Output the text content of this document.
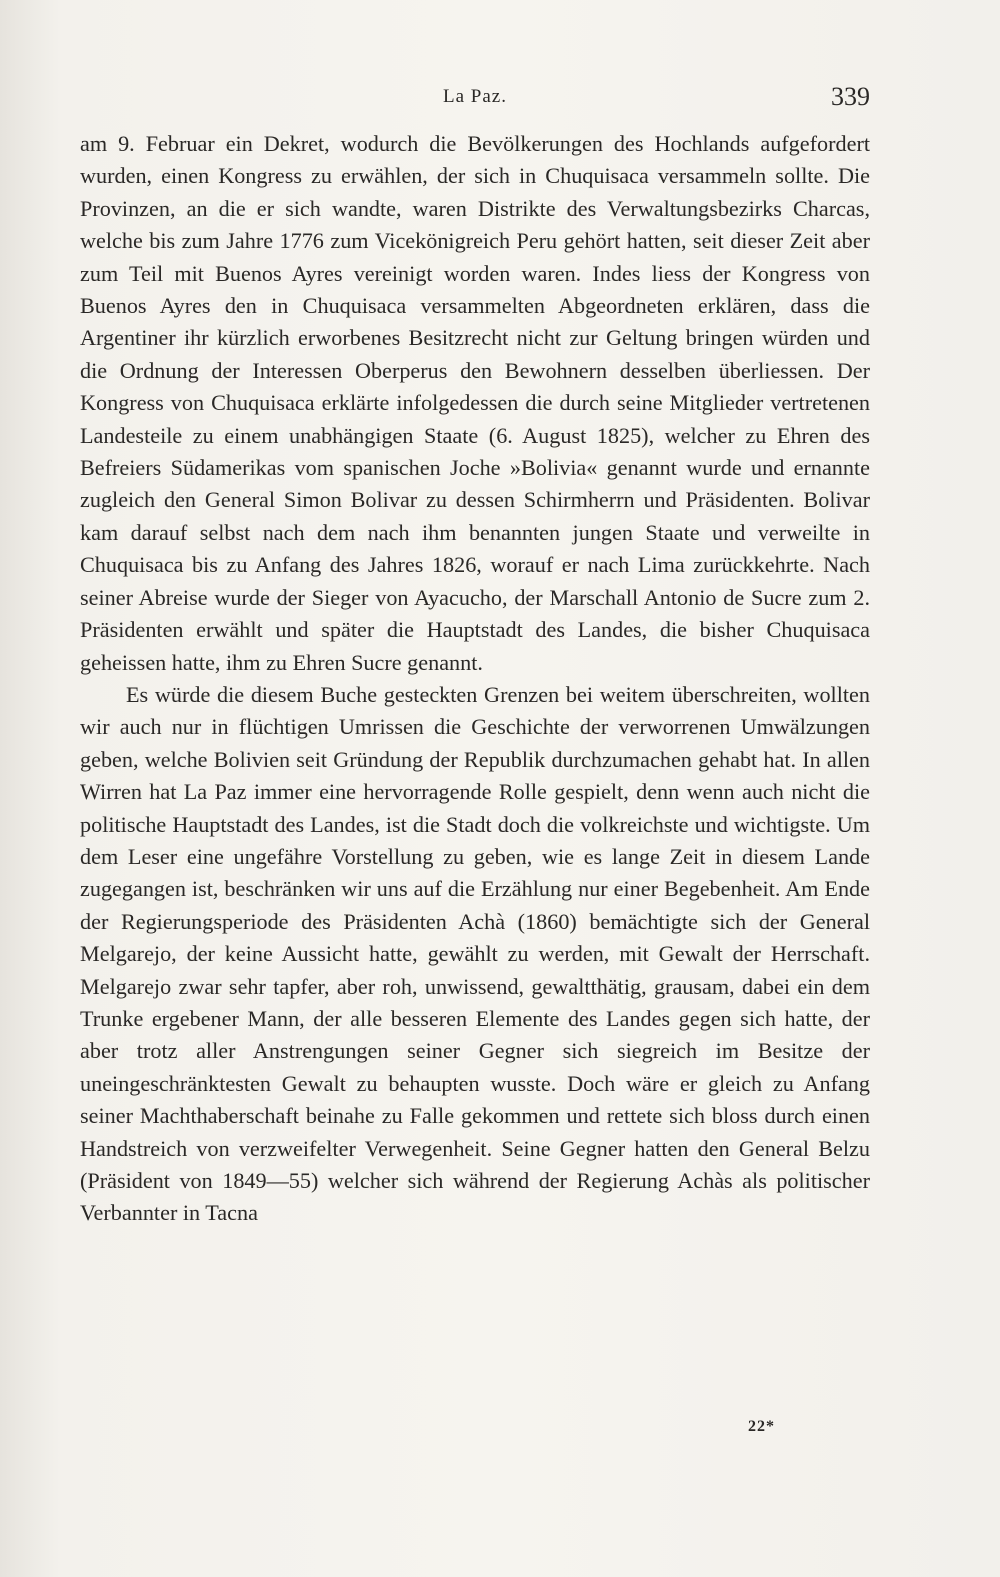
La Paz.	339

am 9. Februar ein Dekret, wodurch die Bevölkerungen des Hochlands aufgefordert wurden, einen Kongress zu erwählen, der sich in Chuquisaca versammeln sollte. Die Provinzen, an die er sich wandte, waren Distrikte des Verwaltungsbezirks Charcas, welche bis zum Jahre 1776 zum Vicekönigreich Peru gehört hatten, seit dieser Zeit aber zum Teil mit Buenos Ayres vereinigt worden waren. Indes liess der Kongress von Buenos Ayres den in Chuquisaca versammelten Abgeordneten erklären, dass die Argentiner ihr kürzlich erworbenes Besitzrecht nicht zur Geltung bringen würden und die Ordnung der Interessen Oberperus den Bewohnern desselben überliessen. Der Kongress von Chuquisaca erklärte infolgedessen die durch seine Mitglieder vertretenen Landesteile zu einem unabhängigen Staate (6. August 1825), welcher zu Ehren des Befreiers Südamerikas vom spanischen Joche »Bolivia« genannt wurde und ernannte zugleich den General Simon Bolivar zu dessen Schirmherrn und Präsidenten. Bolivar kam darauf selbst nach dem nach ihm benannten jungen Staate und verweilte in Chuquisaca bis zu Anfang des Jahres 1826, worauf er nach Lima zurückkehrte. Nach seiner Abreise wurde der Sieger von Ayacucho, der Marschall Antonio de Sucre zum 2. Präsidenten erwählt und später die Hauptstadt des Landes, die bisher Chuquisaca geheissen hatte, ihm zu Ehren Sucre genannt.

Es würde die diesem Buche gesteckten Grenzen bei weitem überschreiten, wollten wir auch nur in flüchtigen Umrissen die Geschichte der verworrenen Umwälzungen geben, welche Bolivien seit Gründung der Republik durchzumachen gehabt hat. In allen Wirren hat La Paz immer eine hervorragende Rolle gespielt, denn wenn auch nicht die politische Hauptstadt des Landes, ist die Stadt doch die volkreichste und wichtigste. Um dem Leser eine ungefähre Vorstellung zu geben, wie es lange Zeit in diesem Lande zugegangen ist, beschränken wir uns auf die Erzählung nur einer Begebenheit. Am Ende der Regierungsperiode des Präsidenten Achà (1860) bemächtigte sich der General Melgarejo, der keine Aussicht hatte, gewählt zu werden, mit Gewalt der Herrschaft. Melgarejo zwar sehr tapfer, aber roh, unwissend, gewaltthätig, grausam, dabei ein dem Trunke ergebener Mann, der alle besseren Elemente des Landes gegen sich hatte, der aber trotz aller Anstrengungen seiner Gegner sich siegreich im Besitze der uneingeschränktesten Gewalt zu behaupten wusste. Doch wäre er gleich zu Anfang seiner Machthaberschaft beinahe zu Falle gekommen und rettete sich bloss durch einen Handstreich von verzweifelter Verwegenheit. Seine Gegner hatten den General Belzu (Präsident von 1849—55) welcher sich während der Regierung Achàs als politischer Verbannter in Tacna

22*
